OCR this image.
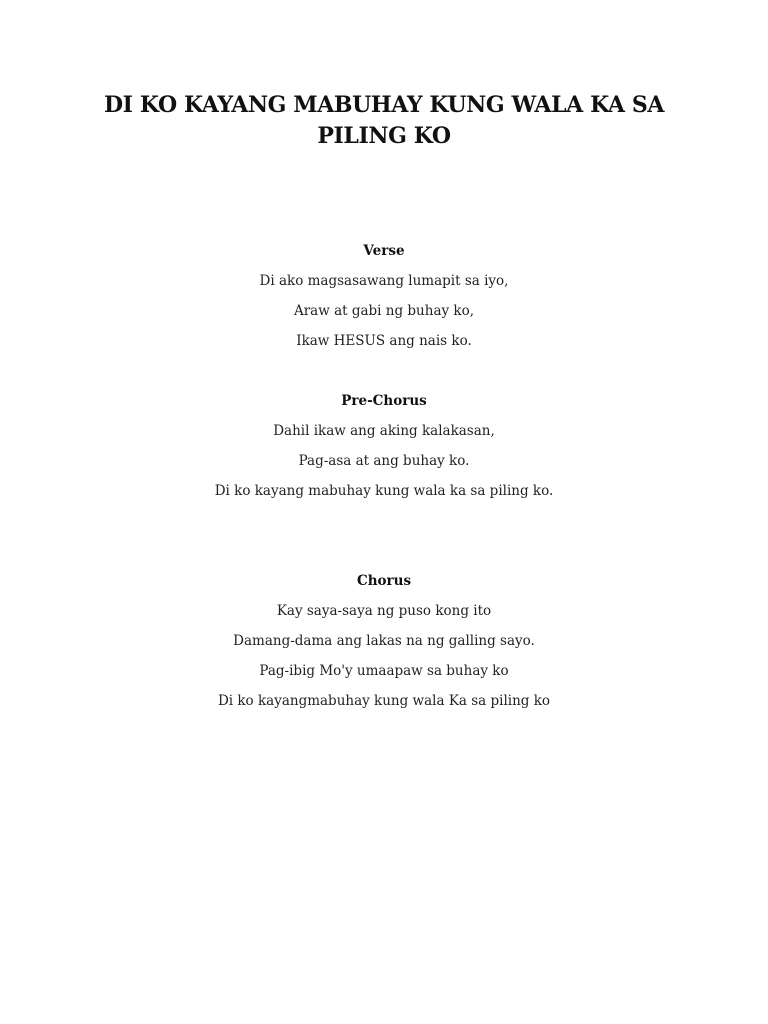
DI KO KAYANG MABUHAY KUNG WALA KA SA
PILING KO
Verse
Di ako magsasawang lumapit sa iyo,
Araw at gabi ng buhay ko,
Ikaw HESUS ang nais ko.
Pre-Chorus
Dahil ikaw ang aking kalakasan,
Pag-asa at ang buhay ko.
Di ko kayang mabuhay kung wala ka sa piling ko.
Chorus
Kay saya-saya ng puso kong ito
Damang-dama ang lakas na ng galling sayo.
Pag-ibig Mo'y umaapaw sa buhay ko
Di ko kayangmabuhay kung wala Ka sa piling ko
